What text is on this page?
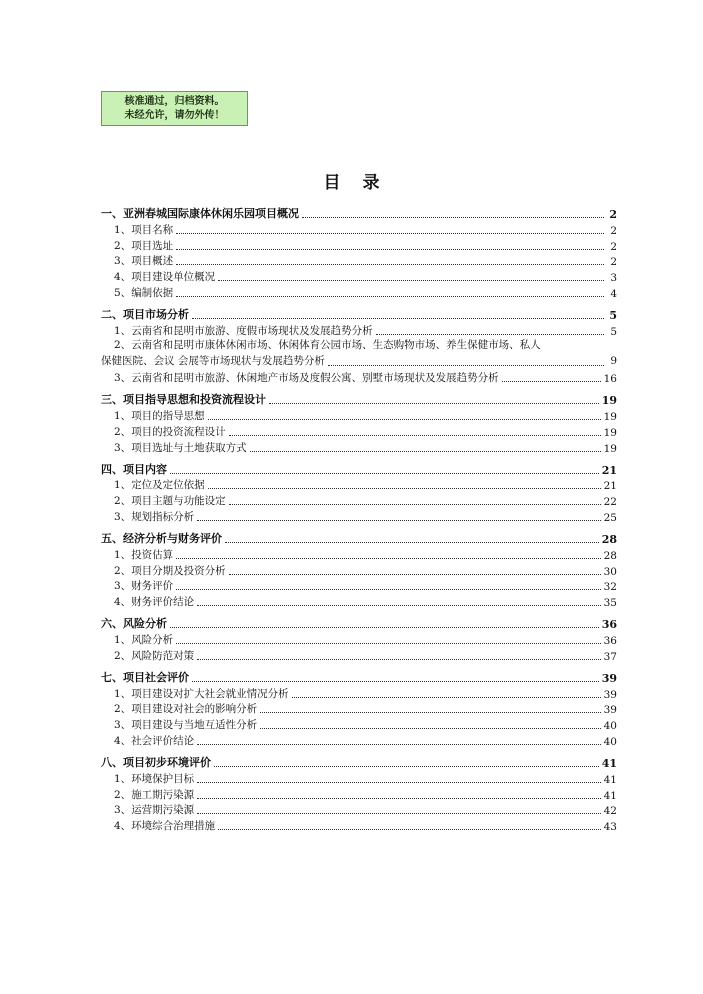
核准通过，归档资料。
未经允许，请勿外传！
目录
一、 亚洲春城国际康体休闲乐园项目概况	2
1、 项目名称	2
2、 项目选址	2
3、 项目概述	2
4、 项目建设单位概况	3
5、 编制依据	4
二、 项目市场分析	5
1、 云南省和昆明市旅游、度假市场现状及发展趋势分析	5
2、云南省和昆明市康体休闲市场、休闲体育公园市场、生态购物市场、养生保健市场、私人
保健医院、会议 会展等市场现状与发展趋势分析	9
3、 云南省和昆明市旅游、休闲地产市场及度假公寓、别墅市场现状及发展趋势分析	16
三、 项目指导思想和投资流程设计	19
1、 项目的指导思想	19
2、 项目的投资流程设计	19
3、 项目选址与土地获取方式	19
四、 项目内容	21
1、 定位及定位依据	21
2、 项目主题与功能设定	22
3、 规划指标分析	25
五、 经济分析与财务评价	28
1、 投资估算	28
2、 项目分期及投资分析	30
3、 财务评价	32
4、 财务评价结论	35
六、 风险分析	36
1、 风险分析	36
2、 风险防范对策	37
七、 项目社会评价	39
1、 项目建设对扩大社会就业情况分析	39
2、 项目建设对社会的影响分析	39
3、 项目建设与当地互适性分析	40
4、 社会评价结论	40
八、 项目初步环境评价	41
1、 环境保护目标	41
2、 施工期污染源	41
3、 运营期污染源	42
4、 环境综合治理措施	43
